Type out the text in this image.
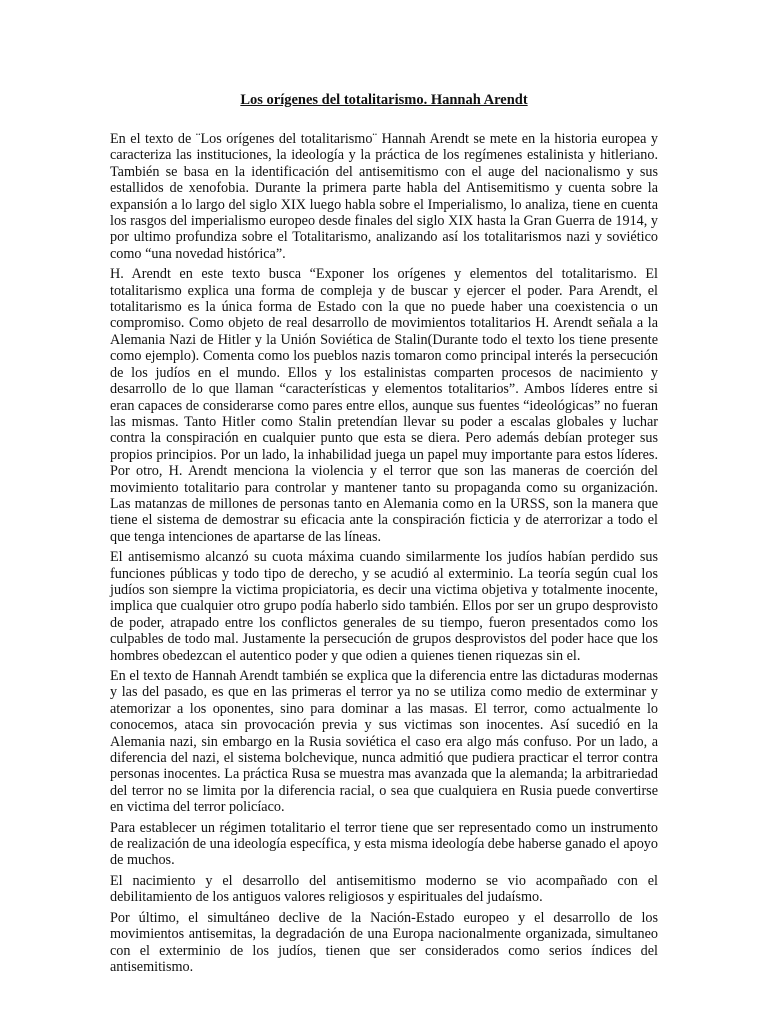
Los orígenes del totalitarismo. Hannah Arendt

En el texto de ¨Los orígenes del totalitarismo¨ Hannah Arendt se mete en la historia europea y caracteriza las instituciones, la ideología y la práctica de los regímenes estalinista y hitleriano. También se basa en la identificación del antisemitismo con el auge del nacionalismo y sus estallidos de xenofobia. Durante la primera parte habla del Antisemitismo y cuenta sobre la expansión a lo largo del siglo XIX luego habla sobre el Imperialismo, lo analiza, tiene en cuenta los rasgos del imperialismo europeo desde finales del siglo XIX hasta la Gran Guerra de 1914, y por ultimo profundiza sobre el Totalitarismo, analizando así los totalitarismos nazi y soviético como “una novedad histórica”.

H. Arendt en este texto busca “Exponer los orígenes y elementos del totalitarismo. El totalitarismo explica una forma de compleja y de buscar y ejercer el poder. Para Arendt, el totalitarismo es la única forma de Estado con la que no puede haber una coexistencia o un compromiso. Como objeto de real desarrollo de movimientos totalitarios H. Arendt señala a la Alemania Nazi de Hitler y la Unión Soviética de Stalin(Durante todo el texto los tiene presente como ejemplo). Comenta como los pueblos nazis tomaron como principal interés la persecución de los judíos en el mundo. Ellos y los estalinistas comparten procesos de nacimiento y desarrollo de lo que llaman “características y elementos totalitarios”. Ambos líderes entre si eran capaces de considerarse como pares entre ellos, aunque sus fuentes “ideológicas” no fueran las mismas. Tanto Hitler como Stalin pretendían llevar su poder a escalas globales y luchar contra la conspiración en cualquier punto que esta se diera. Pero además debían proteger sus propios principios. Por un lado, la inhabilidad juega un papel muy importante para estos líderes. Por otro, H. Arendt menciona la violencia y el terror que son las maneras de coerción del movimiento totalitario para controlar y mantener tanto su propaganda como su organización. Las matanzas de millones de personas tanto en Alemania como en la URSS, son la manera que tiene el sistema de demostrar su eficacia ante la conspiración ficticia y de aterrorizar a todo el que tenga intenciones de apartarse de las líneas.

El antisemismo alcanzó su cuota máxima cuando similarmente los judíos habían perdido sus funciones públicas y todo tipo de derecho, y se acudió al exterminio. La teoría según cual los judíos son siempre la victima propiciatoria, es decir una victima objetiva y totalmente inocente, implica que cualquier otro grupo podía haberlo sido también. Ellos por ser un grupo desprovisto de poder, atrapado entre los conflictos generales de su tiempo, fueron presentados como los culpables de todo mal. Justamente la persecución de grupos desprovistos del poder hace que los hombres obedezcan el autentico poder y que odien a quienes tienen riquezas sin el.

En el texto de Hannah Arendt también se explica que la diferencia entre las dictaduras modernas y las del pasado, es que en las primeras el terror ya no se utiliza como medio de exterminar y atemorizar a los oponentes, sino para dominar a las masas. El terror, como actualmente lo conocemos, ataca sin provocación previa y sus victimas son inocentes. Así sucedió en la Alemania nazi, sin embargo en la Rusia soviética el caso era algo más confuso. Por un lado, a diferencia del nazi, el sistema bolchevique, nunca admitió que pudiera practicar el terror contra personas inocentes. La práctica Rusa se muestra mas avanzada que la alemanda; la arbitrariedad del terror no se limita por la diferencia racial, o sea que cualquiera en Rusia puede convertirse en victima del terror policíaco.

Para establecer un régimen totalitario el terror tiene que ser representado como un instrumento de realización de una ideología específica, y esta misma ideología debe haberse ganado el apoyo de muchos.

El nacimiento y el desarrollo del antisemitismo moderno se vio acompañado con el debilitamiento de los antiguos valores religiosos y espirituales del judaísmo.

Por último, el simultáneo declive de la Nación-Estado europeo y el desarrollo de los movimientos antisemitas, la degradación de una Europa nacionalmente organizada, simultaneo con el exterminio de los judíos, tienen que ser considerados como serios índices del antisemitismo.
